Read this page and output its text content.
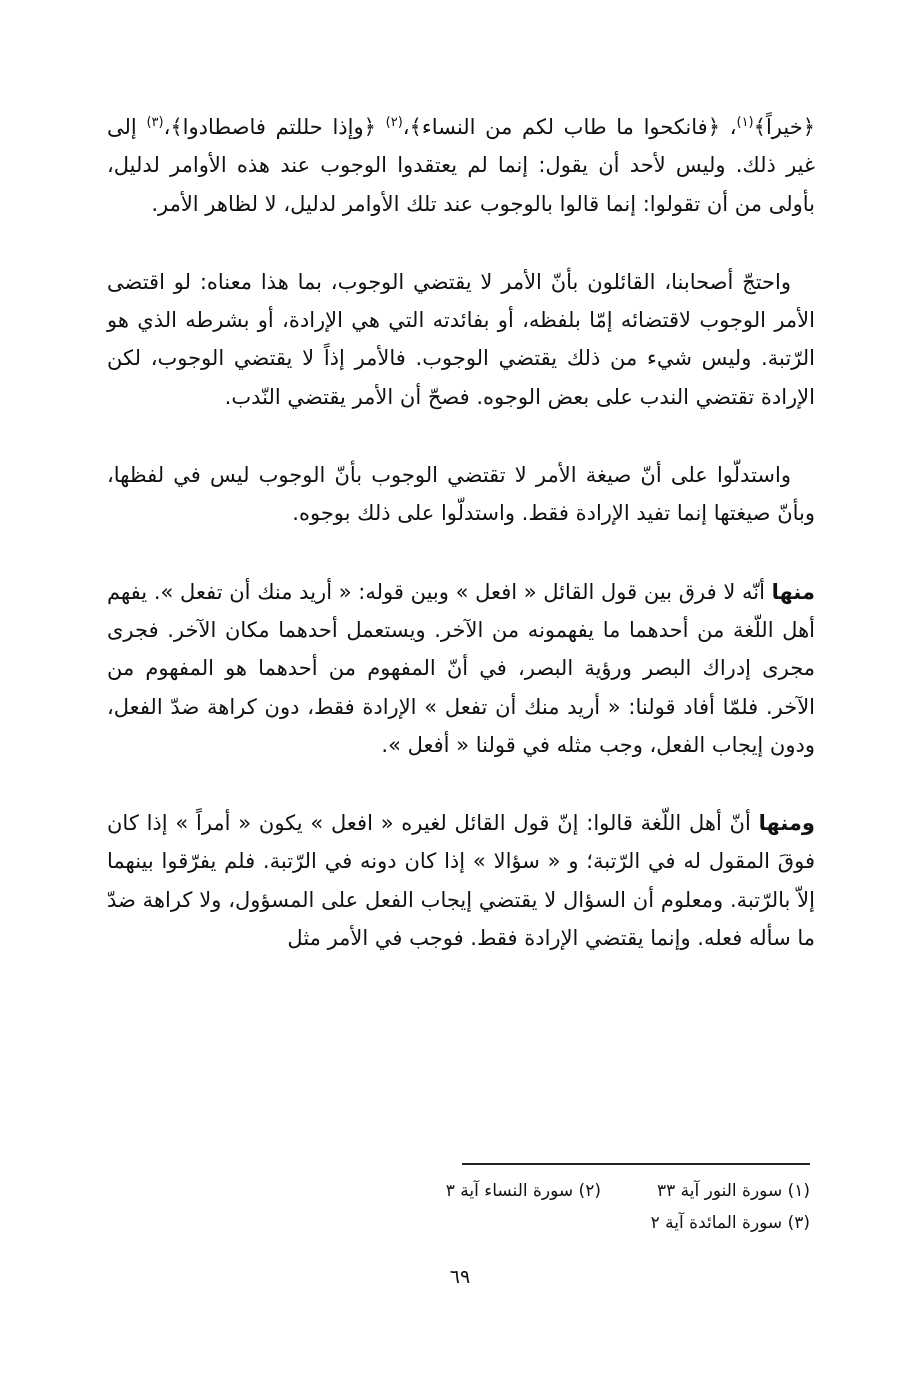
﴿خيراً﴾$^{(١)}$، ﴿فانكحوا ما طاب لكم من النساء﴾،$^{(٢)}$ ﴿وإذا حللتم فاصطادوا﴾،$^{(٣)}$ إلى غير ذلك. وليس لأحد أن يقول: إنما لم يعتقدوا الوجوب عند هذه الأوامر لدليل، بأولى من أن تقولوا: إنما قالوا بالوجوب عند تلك الأوامر لدليل، لا لظاهر الأمر.

واحتجّ أصحابنا، القائلون بأنّ الأمر لا يقتضي الوجوب، بما هذا معناه: لو اقتضى الأمر الوجوب لاقتضائه إمّا بلفظه، أو بفائدته التي هي الإرادة، أو بشرطه الذي هو الرّتبة. وليس شيء من ذلك يقتضي الوجوب. فالأمر إذاً لا يقتضي الوجوب، لكن الإرادة تقتضي الندب على بعض الوجوه. فصحّ أن الأمر يقتضي النّدب.

واستدلّوا على أنّ صيغة الأمر لا تقتضي الوجوب بأنّ الوجوب ليس في لفظها، وبأنّ صيغتها إنما تفيد الإرادة فقط. واستدلّوا على ذلك بوجوه.

منها أنّه لا فرق بين قول القائل « افعل » وبين قوله: « أريد منك أن تفعل ». يفهم أهل اللّغة من أحدهما ما يفهمونه من الآخر. ويستعمل أحدهما مكان الآخر. فجرى مجرى إدراك البصر ورؤية البصر، في أنّ المفهوم من أحدهما هو المفهوم من الآخر. فلمّا أفاد قولنا: « أريد منك أن تفعل » الإرادة فقط، دون كراهة ضدّ الفعل، ودون إيجاب الفعل، وجب مثله في قولنا « أفعل ».

ومنها أنّ أهل اللّغة قالوا: إنّ قول القائل لغيره « افعل » يكون « أمراً » إذا كان فوقَ المقول له في الرّتبة؛ و « سؤالا » إذا كان دونه في الرّتبة. فلم يفرّقوا بينهما إلاّ بالرّتبة. ومعلوم أن السؤال لا يقتضي إيجاب الفعل على المسؤول، ولا كراهة ضدّ ما سأله فعله. وإنما يقتضي الإرادة فقط. فوجب في الأمر مثل

(١) سورة النور آية ٣٣
(٢) سورة النساء آية ٣
(٣) سورة المائدة آية ٢
٦٩
